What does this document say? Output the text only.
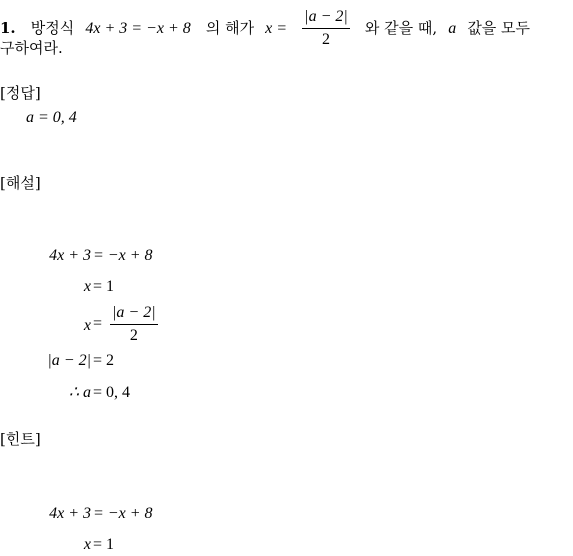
1. 방정식 4x + 3 = −x + 8 의 해가 $x = \frac{|a - 2|}{2}$ 와 같을 때, a 값을 모두
구하여라.
[정답]
a = 0, 4
[해설]
4x + 3 = −x + 8
x = 1
$x = \frac{|a - 2|}{2}$
|a − 2| = 2
∴ a = 0, 4
[힌트]
4x + 3 = −x + 8
x = 1
